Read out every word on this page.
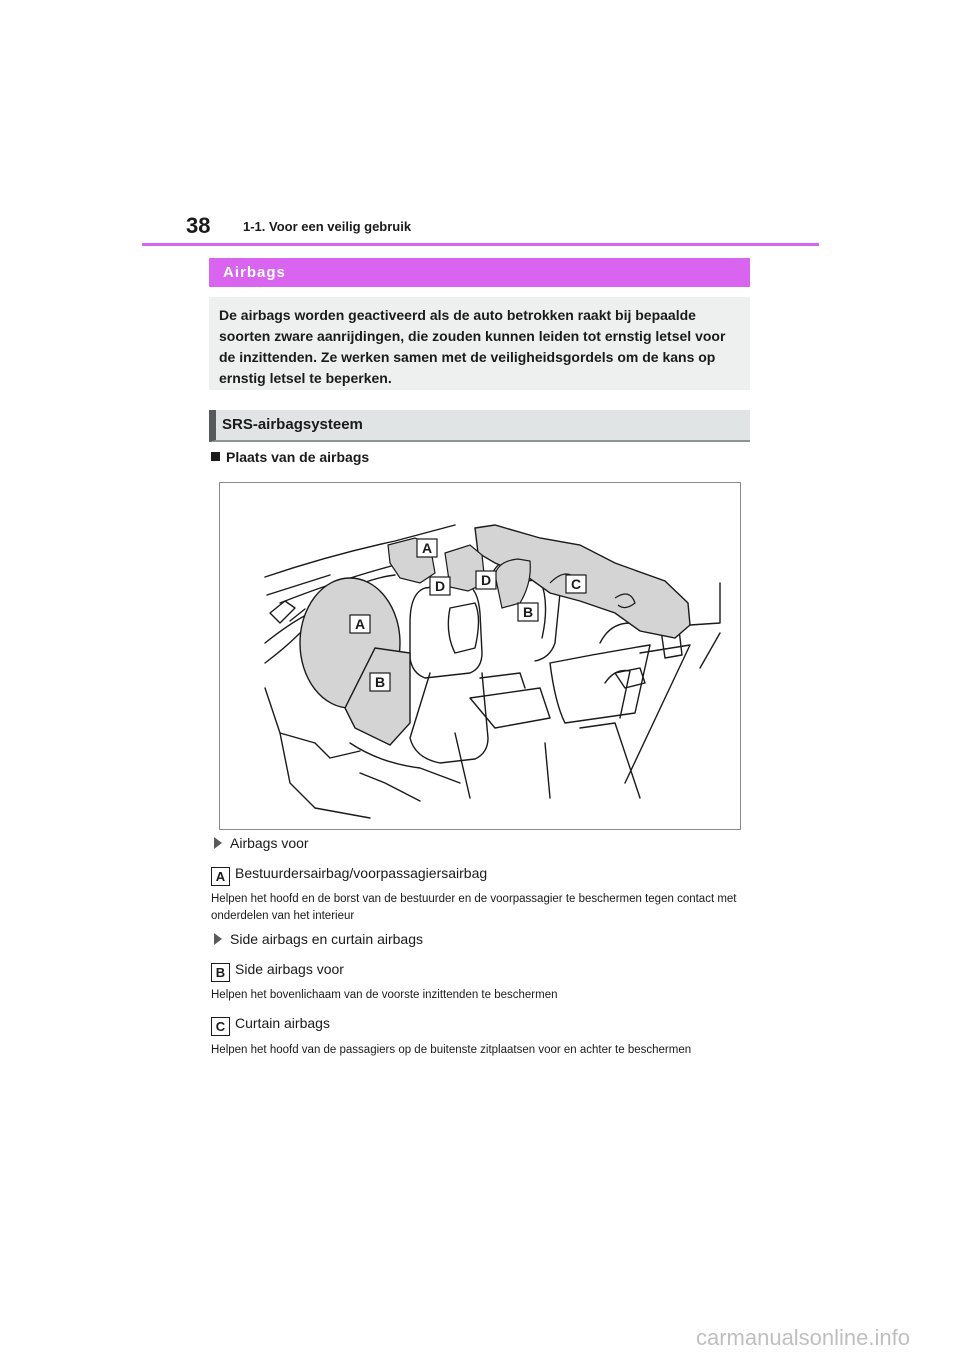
38	1-1. Voor een veilig gebruik
Airbags
De airbags worden geactiveerd als de auto betrokken raakt bij bepaalde soorten zware aanrijdingen, die zouden kunnen leiden tot ernstig letsel voor de inzittenden. Ze werken samen met de veiligheidsgordels om de kans op ernstig letsel te beperken.
SRS-airbagsysteem
Plaats van de airbags
A
D	D	C
B
A
B
Airbags voor
A Bestuurdersairbag/voorpassagiersairbag
Helpen het hoofd en de borst van de bestuurder en de voorpassagier te beschermen tegen contact met onderdelen van het interieur
Side airbags en curtain airbags
B Side airbags voor
Helpen het bovenlichaam van de voorste inzittenden te beschermen
C Curtain airbags
Helpen het hoofd van de passagiers op de buitenste zitplaatsen voor en achter te beschermen
carmanualsonline.info
